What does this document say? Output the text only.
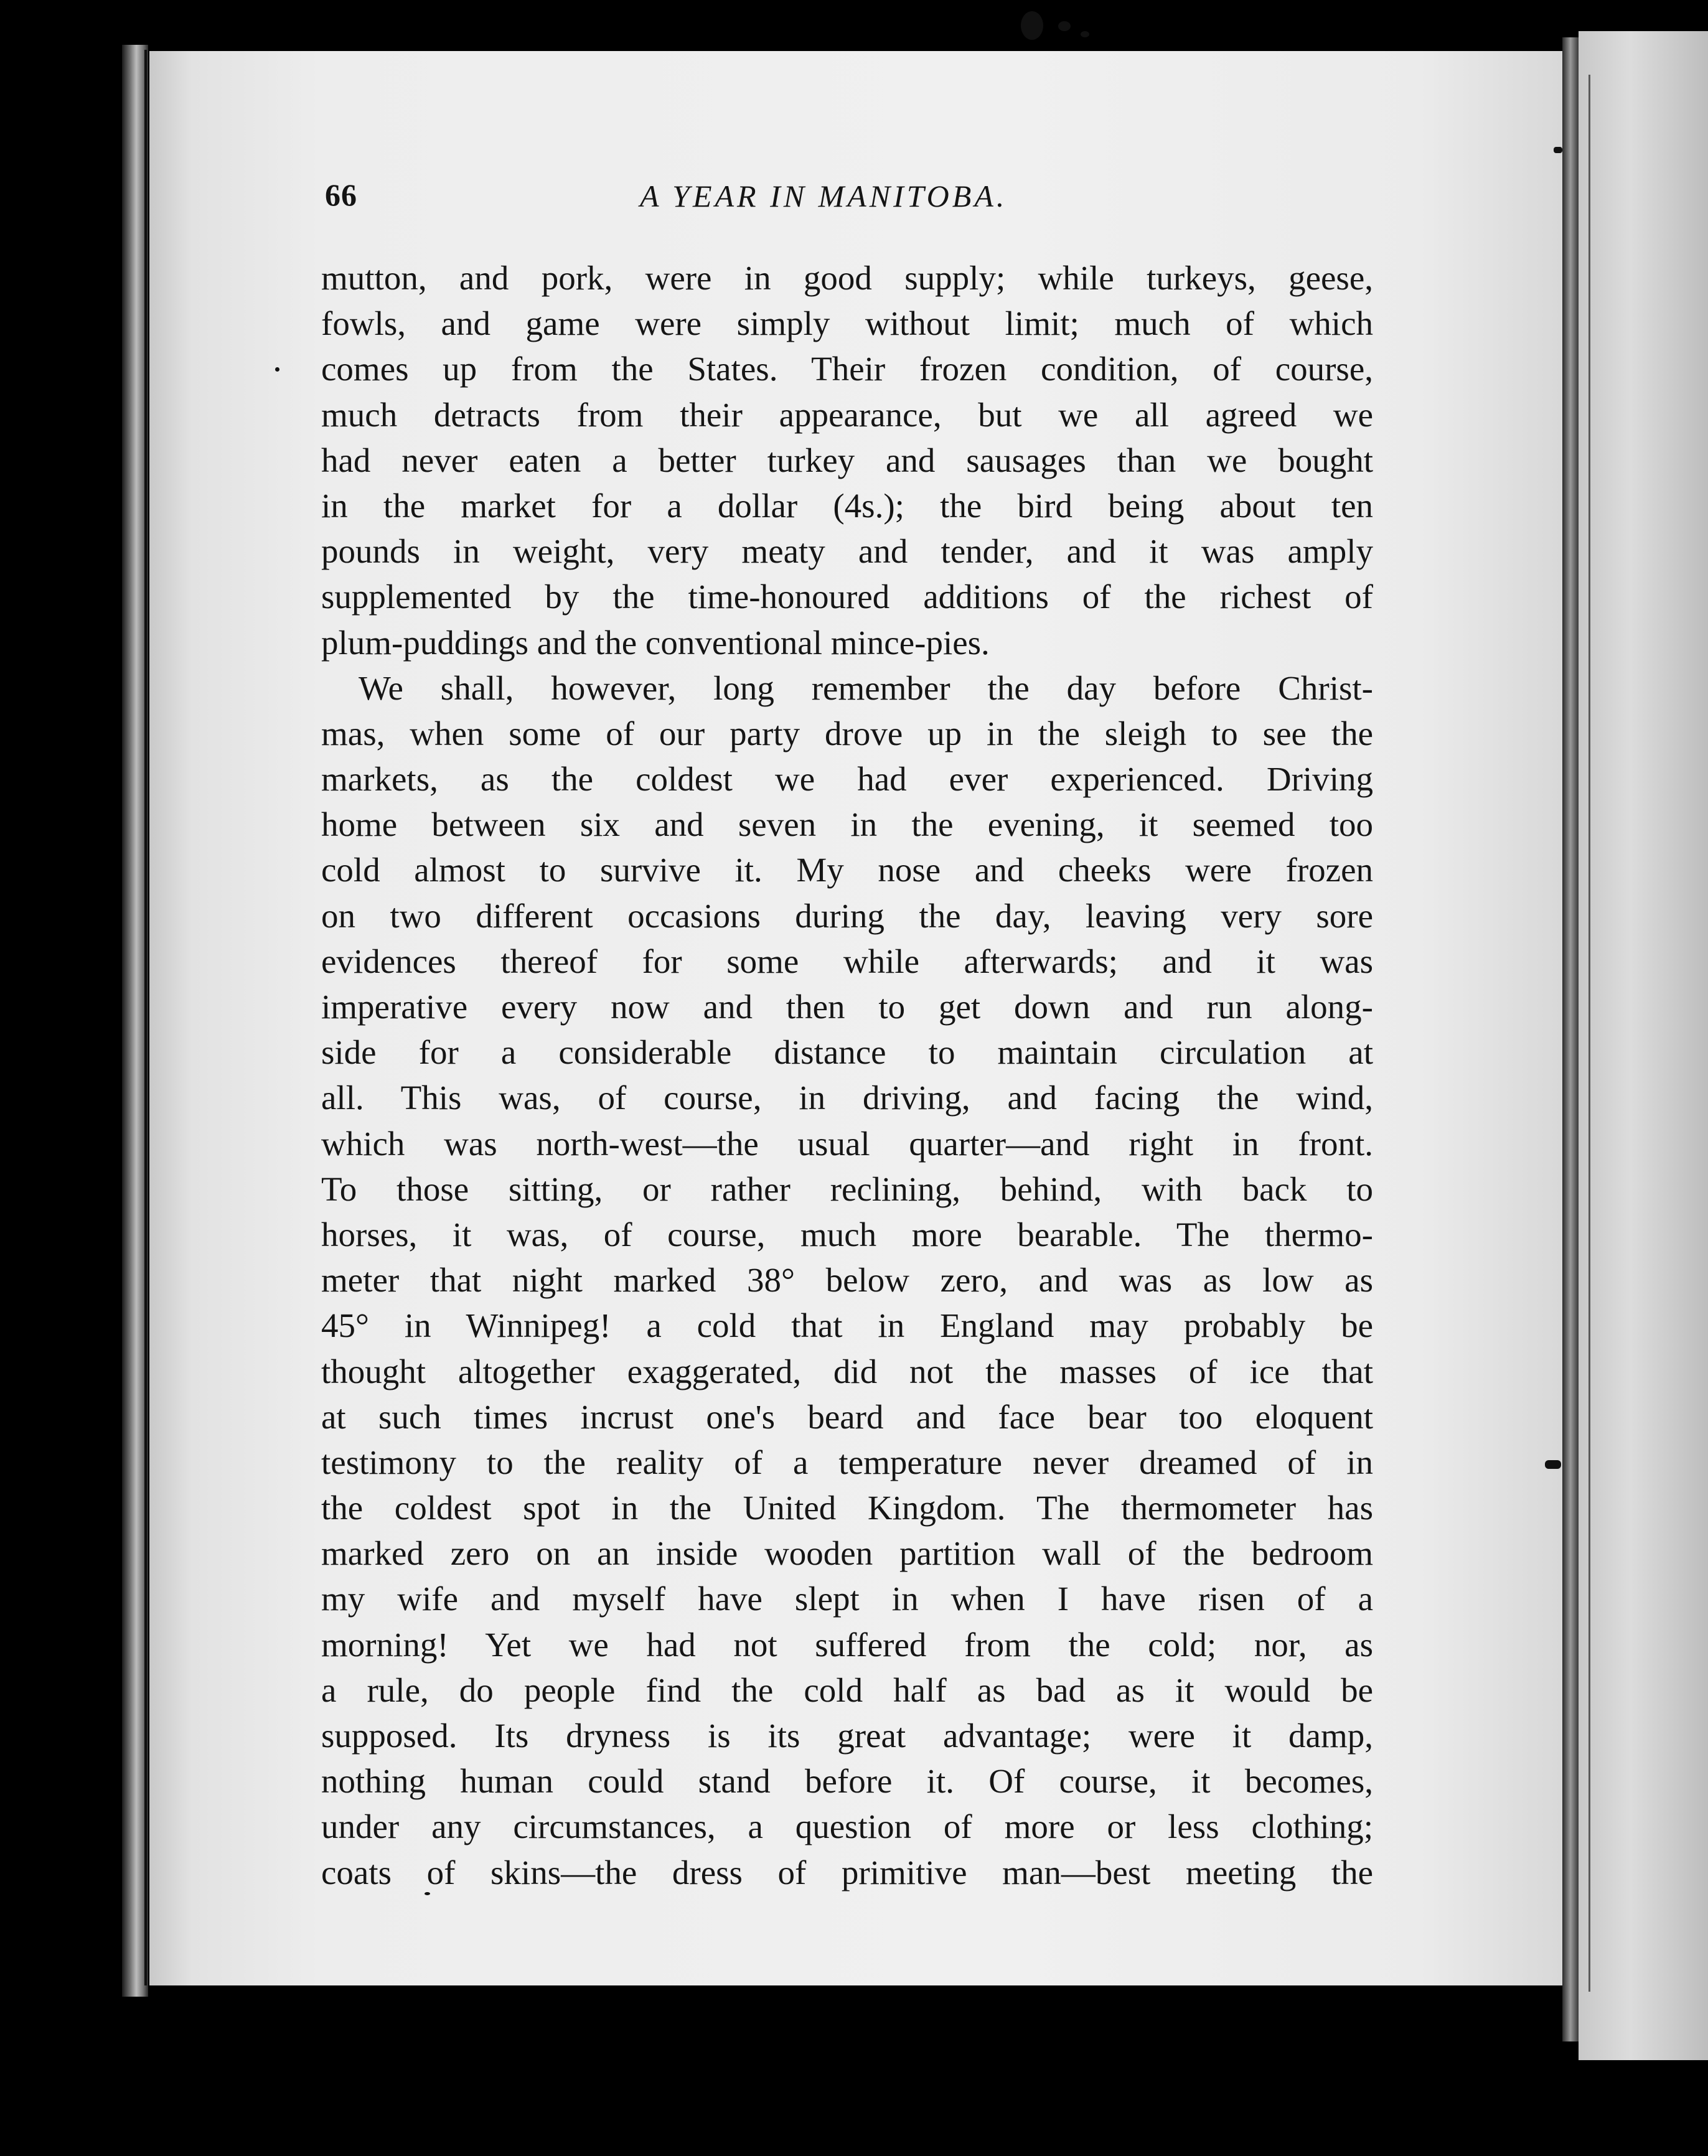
66	A YEAR IN MANITOBA.
mutton, and pork, were in good supply; while turkeys, geese,
fowls, and game were simply without limit; much of which
comes up from the States. Their frozen condition, of course,
much detracts from their appearance, but we all agreed we
had never eaten a better turkey and sausages than we bought
in the market for a dollar (4s.); the bird being about ten
pounds in weight, very meaty and tender, and it was amply
supplemented by the time-honoured additions of the richest of
plum-puddings and the conventional mince-pies.
We shall, however, long remember the day before Christ-
mas, when some of our party drove up in the sleigh to see the
markets, as the coldest we had ever experienced. Driving
home between six and seven in the evening, it seemed too
cold almost to survive it. My nose and cheeks were frozen
on two different occasions during the day, leaving very sore
evidences thereof for some while afterwards; and it was
imperative every now and then to get down and run along-
side for a considerable distance to maintain circulation at
all. This was, of course, in driving, and facing the wind,
which was north-west—the usual quarter—and right in front.
To those sitting, or rather reclining, behind, with back to
horses, it was, of course, much more bearable. The thermo-
meter that night marked 38° below zero, and was as low as
45° in Winnipeg! a cold that in England may probably be
thought altogether exaggerated, did not the masses of ice that
at such times incrust one's beard and face bear too eloquent
testimony to the reality of a temperature never dreamed of in
the coldest spot in the United Kingdom. The thermometer has
marked zero on an inside wooden partition wall of the bedroom
my wife and myself have slept in when I have risen of a
morning! Yet we had not suffered from the cold; nor, as
a rule, do people find the cold half as bad as it would be
supposed. Its dryness is its great advantage; were it damp,
nothing human could stand before it. Of course, it becomes,
under any circumstances, a question of more or less clothing;
coats of skins—the dress of primitive man—best meeting the
